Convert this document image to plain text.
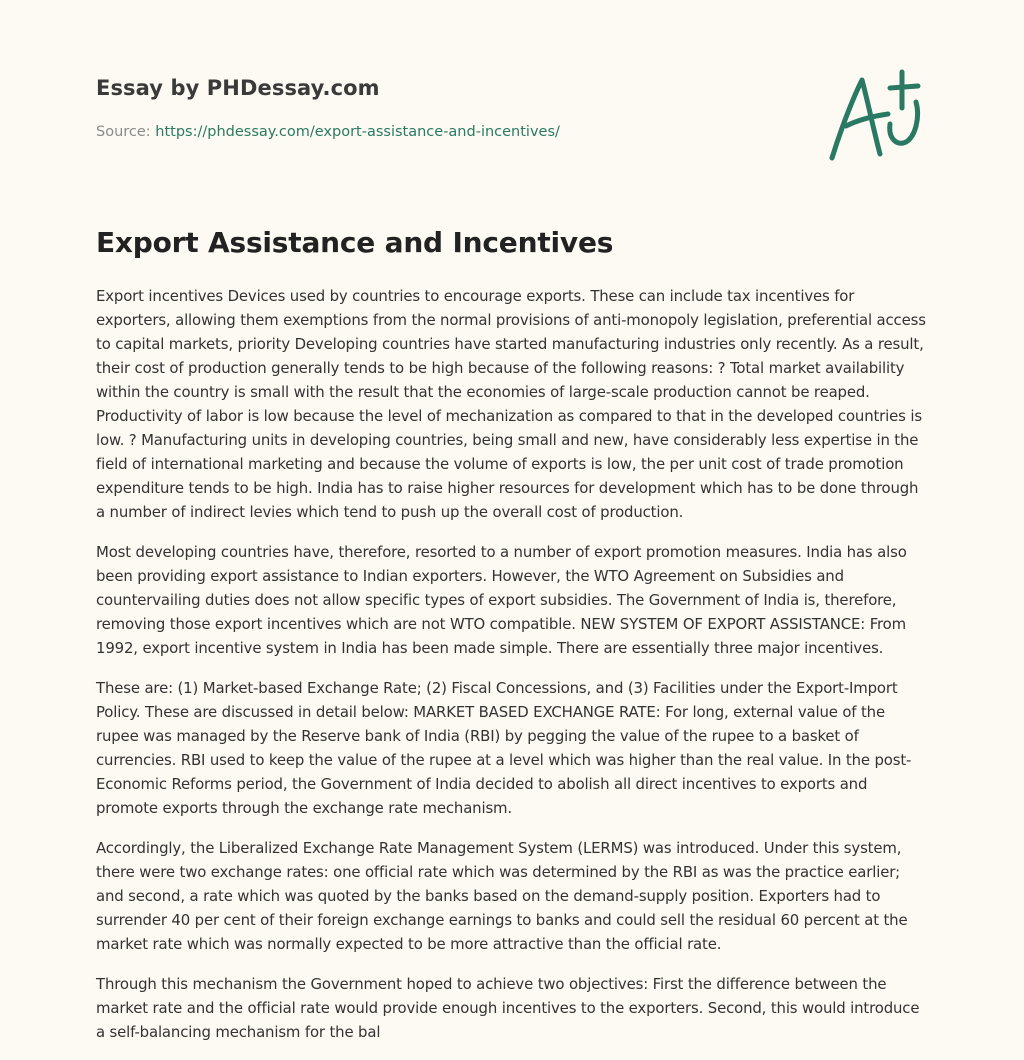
Essay by PHDessay.com

Source: https://phdessay.com/export-assistance-and-incentives/

Export Assistance and Incentives

Export incentives Devices used by countries to encourage exports. These can include tax incentives for exporters, allowing them exemptions from the normal provisions of anti-monopoly legislation, preferential access to capital markets, priority Developing countries have started manufacturing industries only recently. As a result, their cost of production generally tends to be high because of the following reasons: ? Total market availability within the country is small with the result that the economies of large-scale production cannot be reaped. Productivity of labor is low because the level of mechanization as compared to that in the developed countries is low. ? Manufacturing units in developing countries, being small and new, have considerably less expertise in the field of international marketing and because the volume of exports is low, the per unit cost of trade promotion expenditure tends to be high. India has to raise higher resources for development which has to be done through a number of indirect levies which tend to push up the overall cost of production.

Most developing countries have, therefore, resorted to a number of export promotion measures. India has also been providing export assistance to Indian exporters. However, the WTO Agreement on Subsidies and countervailing duties does not allow specific types of export subsidies. The Government of India is, therefore, removing those export incentives which are not WTO compatible. NEW SYSTEM OF EXPORT ASSISTANCE: From 1992, export incentive system in India has been made simple. There are essentially three major incentives.

These are: (1) Market-based Exchange Rate; (2) Fiscal Concessions, and (3) Facilities under the Export-Import Policy. These are discussed in detail below: MARKET BASED EXCHANGE RATE: For long, external value of the rupee was managed by the Reserve bank of India (RBI) by pegging the value of the rupee to a basket of currencies. RBI used to keep the value of the rupee at a level which was higher than the real value. In the post-Economic Reforms period, the Government of India decided to abolish all direct incentives to exports and promote exports through the exchange rate mechanism.

Accordingly, the Liberalized Exchange Rate Management System (LERMS) was introduced. Under this system, there were two exchange rates: one official rate which was determined by the RBI as was the practice earlier; and second, a rate which was quoted by the banks based on the demand-supply position. Exporters had to surrender 40 per cent of their foreign exchange earnings to banks and could sell the residual 60 percent at the market rate which was normally expected to be more attractive than the official rate.

Through this mechanism the Government hoped to achieve two objectives: First the difference between the market rate and the official rate would provide enough incentives to the exporters. Second, this would introduce a self-balancing mechanism for the bal
